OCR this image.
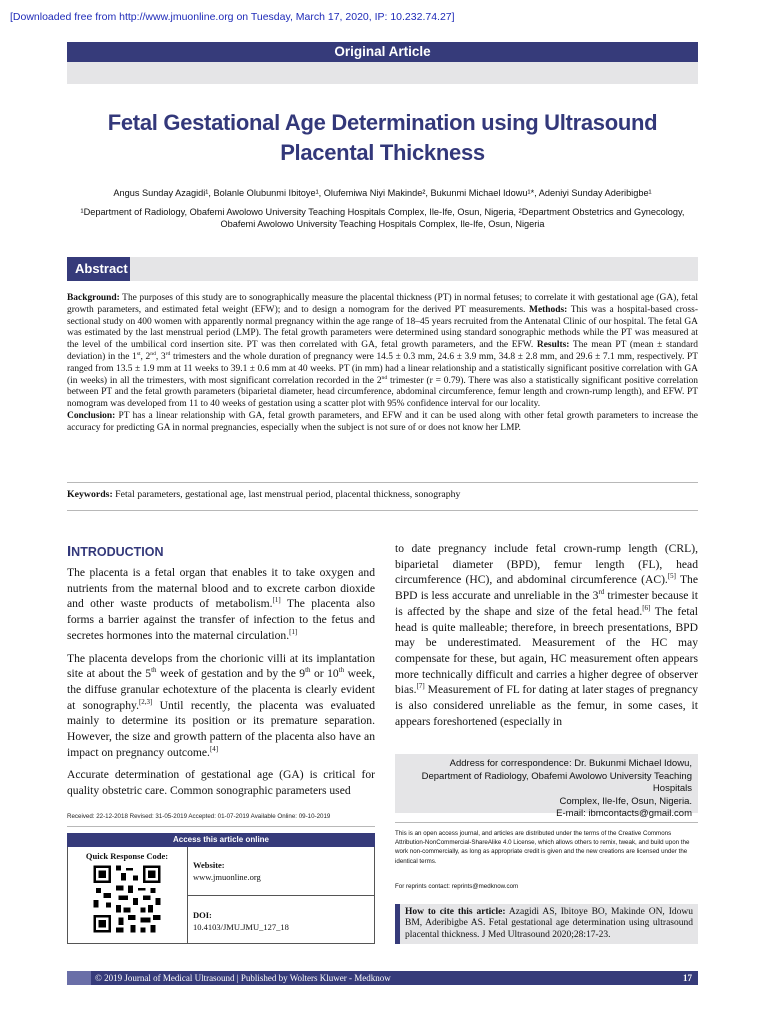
[Downloaded free from http://www.jmuonline.org on Tuesday, March 17, 2020, IP: 10.232.74.27]
Original Article
Fetal Gestational Age Determination using Ultrasound Placental Thickness
Angus Sunday Azagidi¹, Bolanle Olubunmi Ibitoye¹, Olufemiwa Niyi Makinde², Bukunmi Michael Idowu¹*, Adeniyi Sunday Aderibigbe¹
¹Department of Radiology, Obafemi Awolowo University Teaching Hospitals Complex, Ile-Ife, Osun, Nigeria, ²Department Obstetrics and Gynecology, Obafemi Awolowo University Teaching Hospitals Complex, Ile-Ife, Osun, Nigeria
Abstract
Background: The purposes of this study are to sonographically measure the placental thickness (PT) in normal fetuses; to correlate it with gestational age (GA), fetal growth parameters, and estimated fetal weight (EFW); and to design a nomogram for the derived PT measurements. Methods: This was a hospital-based cross-sectional study on 400 women with apparently normal pregnancy within the age range of 18–45 years recruited from the Antenatal Clinic of our hospital. The fetal GA was estimated by the last menstrual period (LMP). The fetal growth parameters were determined using standard sonographic methods while the PT was measured at the level of the umbilical cord insertion site. PT was then correlated with GA, fetal growth parameters, and the EFW. Results: The mean PT (mean ± standard deviation) in the 1st, 2nd, 3rd trimesters and the whole duration of pregnancy were 14.5 ± 0.3 mm, 24.6 ± 3.9 mm, 34.8 ± 2.8 mm, and 29.6 ± 7.1 mm, respectively. PT ranged from 13.5 ± 1.9 mm at 11 weeks to 39.1 ± 0.6 mm at 40 weeks. PT (in mm) had a linear relationship and a statistically significant positive correlation with GA (in weeks) in all the trimesters, with most significant correlation recorded in the 2nd trimester (r = 0.79). There was also a statistically significant positive correlation between PT and the fetal growth parameters (biparietal diameter, head circumference, abdominal circumference, femur length and crown-rump length), and EFW. PT nomogram was developed from 11 to 40 weeks of gestation using a scatter plot with 95% confidence interval for our locality.
Conclusion: PT has a linear relationship with GA, fetal growth parameters, and EFW and it can be used along with other fetal growth parameters to increase the accuracy for predicting GA in normal pregnancies, especially when the subject is not sure of or does not know her LMP.
Keywords: Fetal parameters, gestational age, last menstrual period, placental thickness, sonography
INTRODUCTION

The placenta is a fetal organ that enables it to take oxygen and nutrients from the maternal blood and to excrete carbon dioxide and other waste products of metabolism.[1] The placenta also forms a barrier against the transfer of infection to the fetus and secretes hormones into the maternal circulation.[1]

The placenta develops from the chorionic villi at its implantation site at about the 5th week of gestation and by the 9th or 10th week, the diffuse granular echotexture of the placenta is clearly evident at sonography.[2,3] Until recently, the placenta was evaluated mainly to determine its position or its premature separation. However, the size and growth pattern of the placenta also have an impact on pregnancy outcome.[4]

Accurate determination of gestational age (GA) is critical for quality obstetric care. Common sonographic parameters used

to date pregnancy include fetal crown-rump length (CRL), biparietal diameter (BPD), femur length (FL), head circumference (HC), and abdominal circumference (AC).[5] The BPD is less accurate and unreliable in the 3rd trimester because it is affected by the shape and size of the fetal head.[6] The fetal head is quite malleable; therefore, in breech presentations, BPD may be underestimated. Measurement of the HC may compensate for these, but again, HC measurement often appears more technically difficult and carries a higher degree of observer bias.[7] Measurement of FL for dating at later stages of pregnancy is also considered unreliable as the femur, in some cases, it appears foreshortened (especially in

Address for correspondence: Dr. Bukunmi Michael Idowu,
Department of Radiology, Obafemi Awolowo University Teaching Hospitals
Complex, Ile-Ife, Osun, Nigeria.
E-mail: ibmcontacts@gmail.com
Received: 22-12-2018 Revised: 31-05-2019 Accepted: 01-07-2019 Available Online: 09-10-2019
Access this article online
Quick Response Code:
Website:
www.jmuonline.org
DOI:
10.4103/JMU.JMU_127_18
This is an open access journal, and articles are distributed under the terms of the Creative Commons Attribution-NonCommercial-ShareAlike 4.0 License, which allows others to remix, tweak, and build upon the work non-commercially, as long as appropriate credit is given and the new creations are licensed under the identical terms.
For reprints contact: reprints@medknow.com
How to cite this article: Azagidi AS, Ibitoye BO, Makinde ON, Idowu BM, Aderibigbe AS. Fetal gestational age determination using ultrasound placental thickness. J Med Ultrasound 2020;28:17-23.
© 2019 Journal of Medical Ultrasound | Published by Wolters Kluwer - Medknow	17
